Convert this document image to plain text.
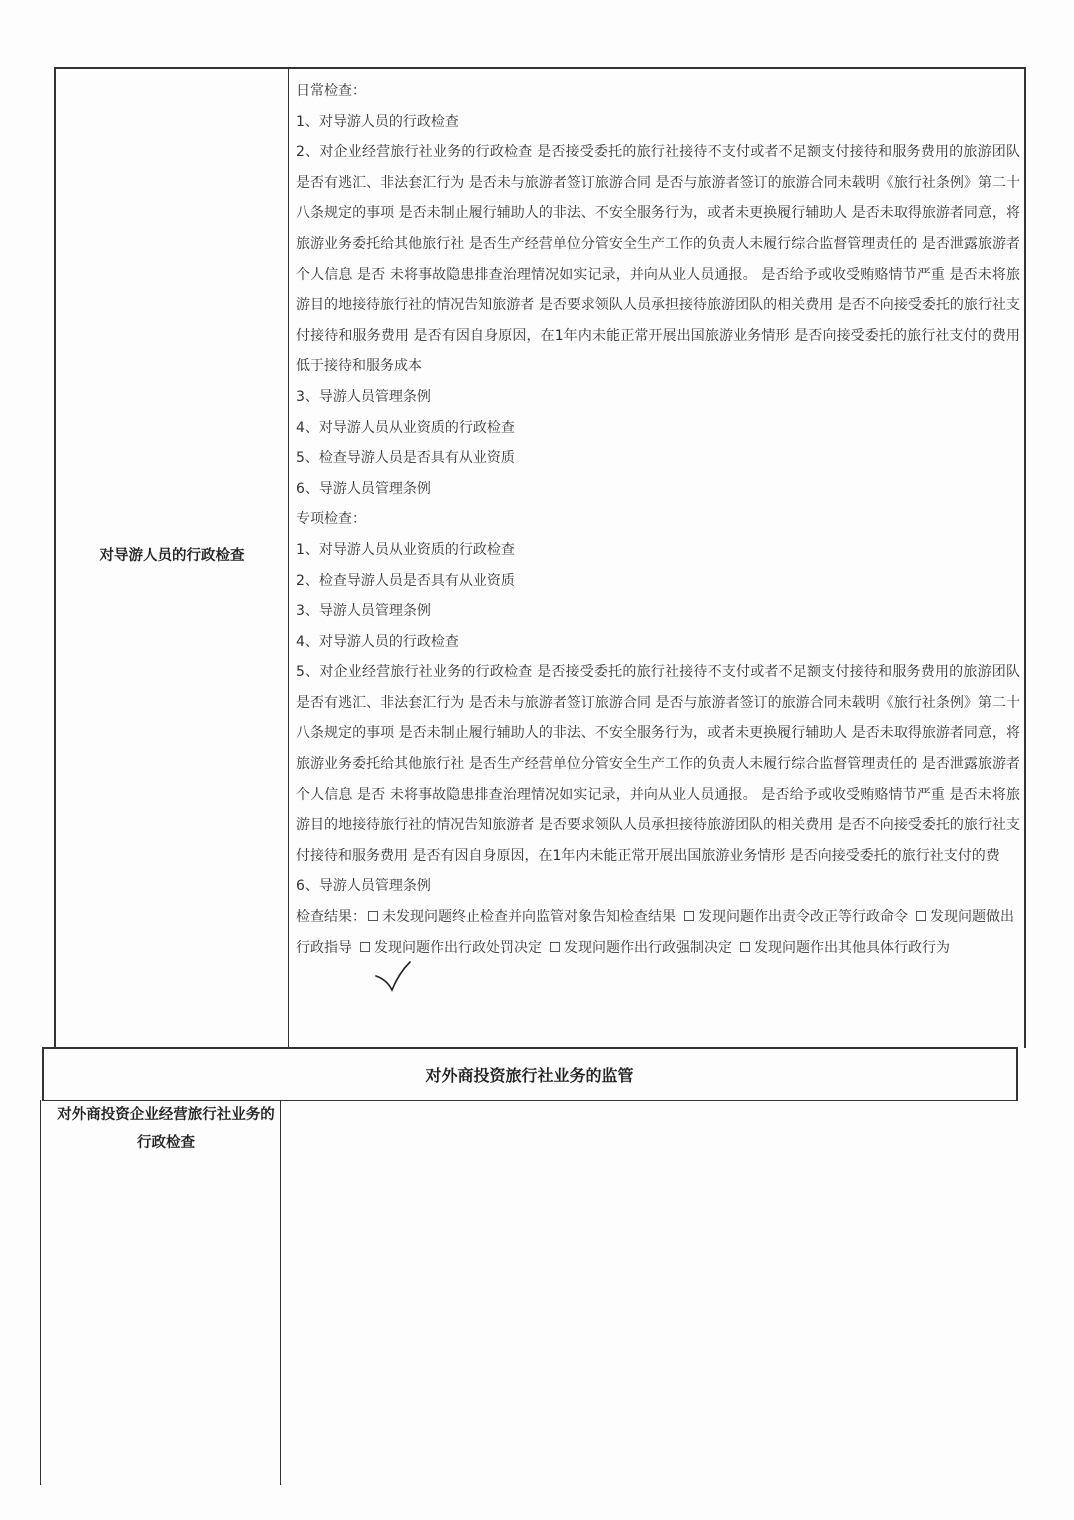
对导游人员的行政检查
日常检查：
1、对导游人员的行政检查
2、对企业经营旅行社业务的行政检查 是否接受委托的旅行社接待不支付或者不足额支付接待和服务费用的旅游团队 是否有逃汇、非法套汇行为 是否未与旅游者签订旅游合同 是否与旅游者签订的旅游合同未载明《旅行社条例》第二十八条规定的事项 是否未制止履行辅助人的非法、不安全服务行为，或者未更换履行辅助人 是否未取得旅游者同意，将旅游业务委托给其他旅行社 是否生产经营单位分管安全生产工作的负责人未履行综合监督管理责任的 是否泄露旅游者个人信息 是否 未将事故隐患排查治理情况如实记录，并向从业人员通报。 是否给予或收受贿赂情节严重 是否未将旅游目的地接待旅行社的情况告知旅游者 是否要求领队人员承担接待旅游团队的相关费用 是否不向接受委托的旅行社支付接待和服务费用 是否有因自身原因，在1年内未能正常开展出国旅游业务情形 是否向接受委托的旅行社支付的费用低于接待和服务成本
3、导游人员管理条例
4、对导游人员从业资质的行政检查
5、检查导游人员是否具有从业资质
6、导游人员管理条例
专项检查：
1、对导游人员从业资质的行政检查
2、检查导游人员是否具有从业资质
3、导游人员管理条例
4、对导游人员的行政检查
5、对企业经营旅行社业务的行政检查 是否接受委托的旅行社接待不支付或者不足额支付接待和服务费用的旅游团队 是否有逃汇、非法套汇行为 是否未与旅游者签订旅游合同 是否与旅游者签订的旅游合同未载明《旅行社条例》第二十八条规定的事项 是否未制止履行辅助人的非法、不安全服务行为，或者未更换履行辅助人 是否未取得旅游者同意，将旅游业务委托给其他旅行社 是否生产经营单位分管安全生产工作的负责人未履行综合监督管理责任的 是否泄露旅游者个人信息 是否 未将事故隐患排查治理情况如实记录，并向从业人员通报。 是否给予或收受贿赂情节严重 是否未将旅游目的地接待旅行社的情况告知旅游者 是否要求领队人员承担接待旅游团队的相关费用 是否不向接受委托的旅行社支付接待和服务费用 是否有因自身原因，在1年内未能正常开展出国旅游业务情形 是否向接受委托的旅行社支付的费
6、导游人员管理条例
检查结果： 未发现问题终止检查并向监管对象告知检查结果 发现问题作出责令改正等行政命令 发现问题做出行政指导 发现问题作出行政处罚决定 发现问题作出行政强制决定 发现问题作出其他具体行政行为
对外商投资旅行社业务的监管
对外商投资企业经营旅行社业务的行政检查
